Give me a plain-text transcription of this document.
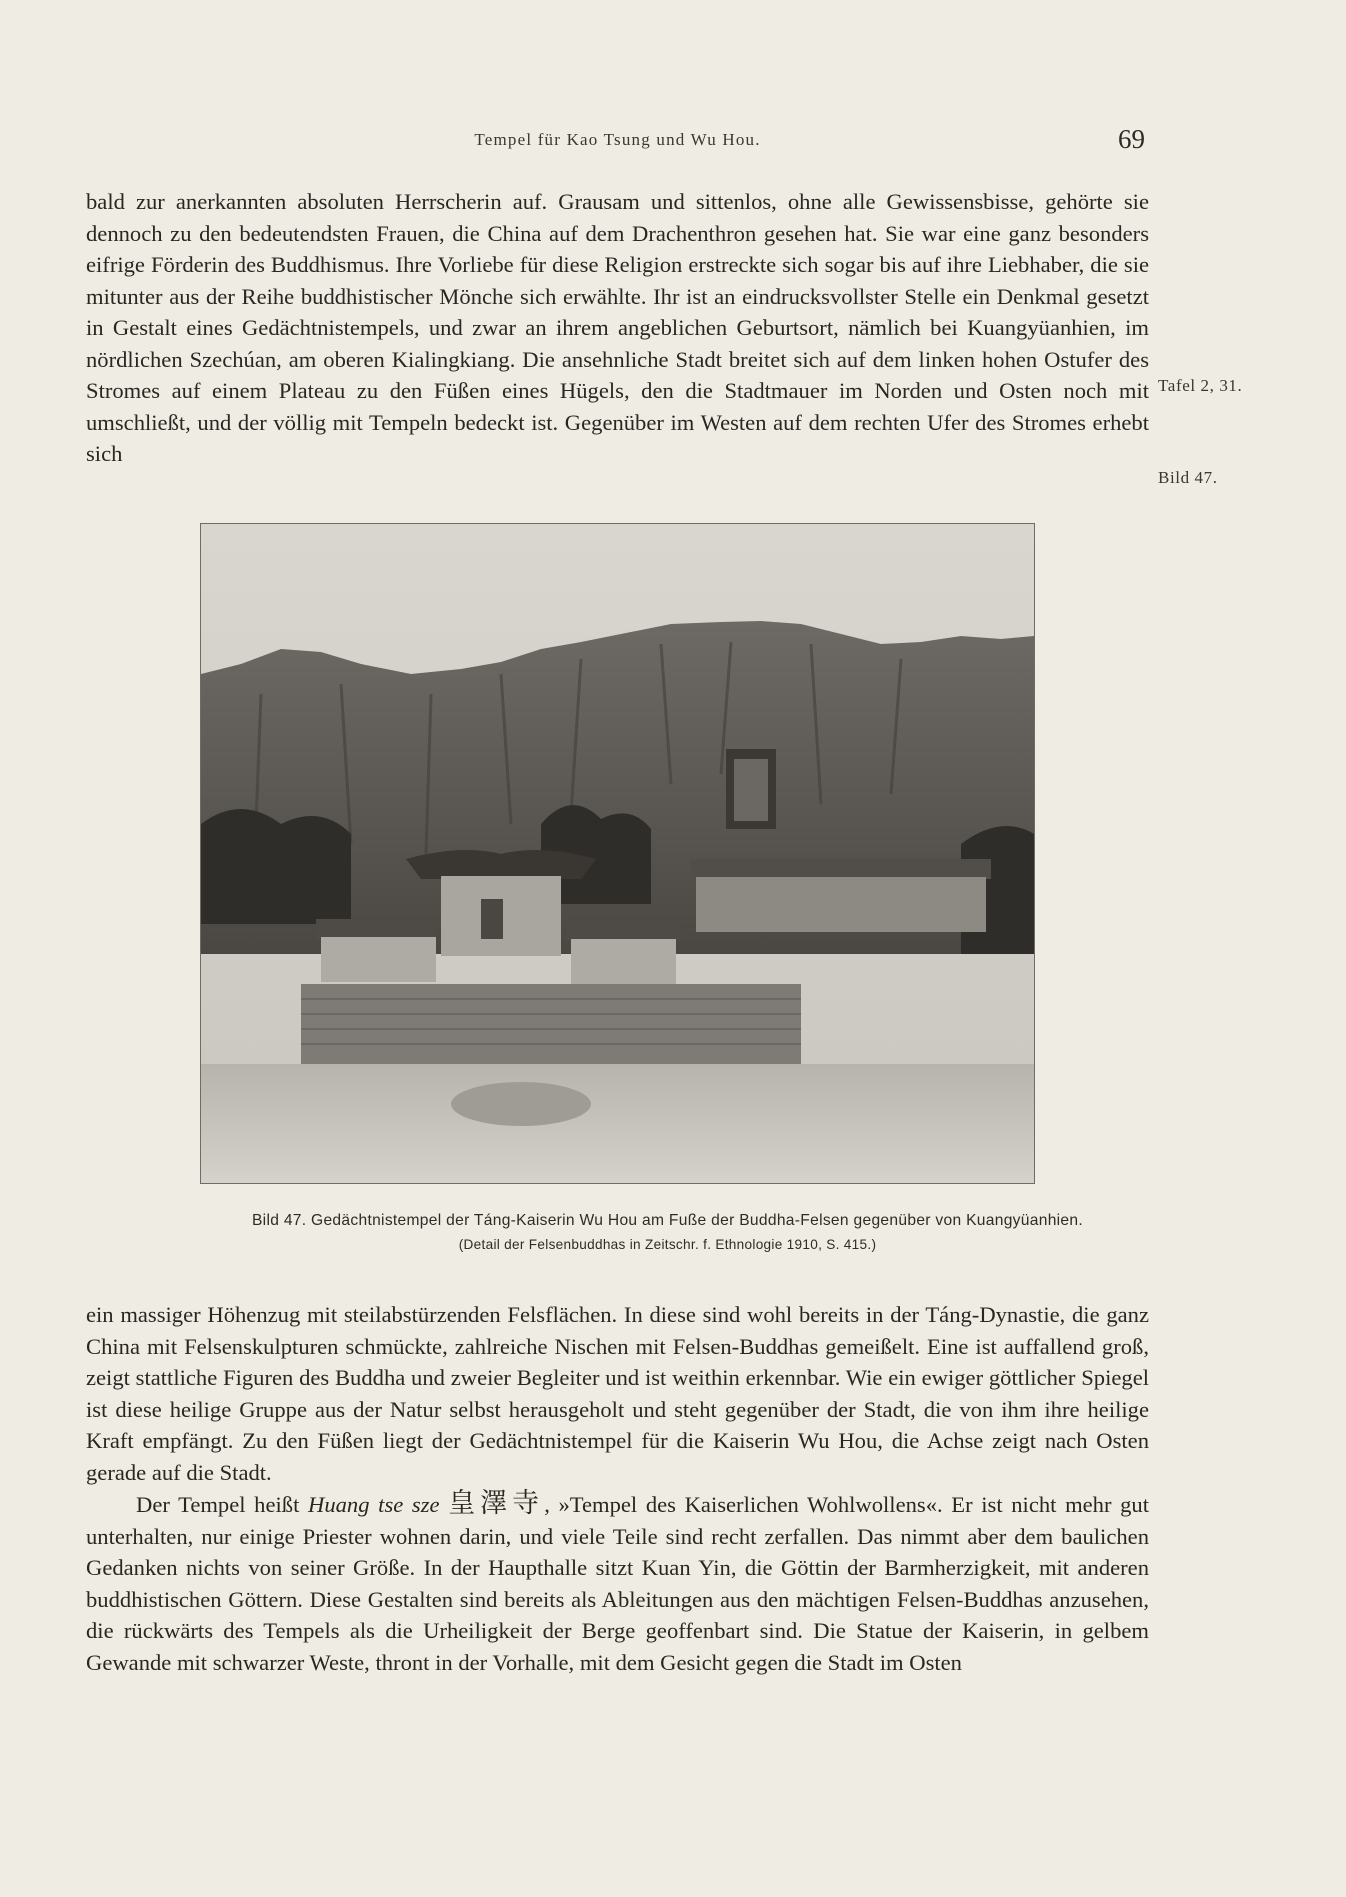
Tempel für Kao Tsung und Wu Hou.	69

bald zur anerkannten absoluten Herrscherin auf. Grausam und sittenlos, ohne alle Gewissensbisse, gehörte sie dennoch zu den bedeutendsten Frauen, die China auf dem Drachenthron gesehen hat. Sie war eine ganz besonders eifrige Förderin des Buddhismus. Ihre Vorliebe für diese Religion erstreckte sich sogar bis auf ihre Liebhaber, die sie mitunter aus der Reihe buddhistischer Mönche sich erwählte. Ihr ist an eindrucksvollster Stelle ein Denkmal gesetzt in Gestalt eines Gedächtnistempels, und zwar an ihrem angeblichen Geburtsort, nämlich bei Kuangyüanhien, im nördlichen Szechúan, am oberen Kialingkiang. Die ansehnliche Stadt breitet sich auf dem linken hohen Ostufer des Stromes auf einem Plateau zu den Füßen eines Hügels, den die Stadtmauer im Norden und Osten noch mit umschließt, und der völlig mit Tempeln bedeckt ist. Gegenüber im Westen auf dem rechten Ufer des Stromes erhebt sich

Tafel 2, 31.
Bild 47.
Bild 47. Gedächtnistempel der Táng-Kaiserin Wu Hou am Fuße der Buddha-Felsen gegenüber von Kuangyüanhien.
(Detail der Felsenbuddhas in Zeitschr. f. Ethnologie 1910, S. 415.)

ein massiger Höhenzug mit steilabstürzenden Felsflächen. In diese sind wohl bereits in der Táng-Dynastie, die ganz China mit Felsenskulpturen schmückte, zahlreiche Nischen mit Felsen-Buddhas gemeißelt. Eine ist auffallend groß, zeigt stattliche Figuren des Buddha und zweier Begleiter und ist weithin erkennbar. Wie ein ewiger göttlicher Spiegel ist diese heilige Gruppe aus der Natur selbst herausgeholt und steht gegenüber der Stadt, die von ihm ihre heilige Kraft empfängt. Zu den Füßen liegt der Gedächtnistempel für die Kaiserin Wu Hou, die Achse zeigt nach Osten gerade auf die Stadt.

Der Tempel heißt Huang tse sze 皇澤寺, »Tempel des Kaiserlichen Wohlwollens«. Er ist nicht mehr gut unterhalten, nur einige Priester wohnen darin, und viele Teile sind recht zerfallen. Das nimmt aber dem baulichen Gedanken nichts von seiner Größe. In der Haupthalle sitzt Kuan Yin, die Göttin der Barmherzigkeit, mit anderen buddhistischen Göttern. Diese Gestalten sind bereits als Ableitungen aus den mächtigen Felsen-Buddhas anzusehen, die rückwärts des Tempels als die Urheiligkeit der Berge geoffenbart sind. Die Statue der Kaiserin, in gelbem Gewande mit schwarzer Weste, thront in der Vorhalle, mit dem Gesicht gegen die Stadt im Osten
